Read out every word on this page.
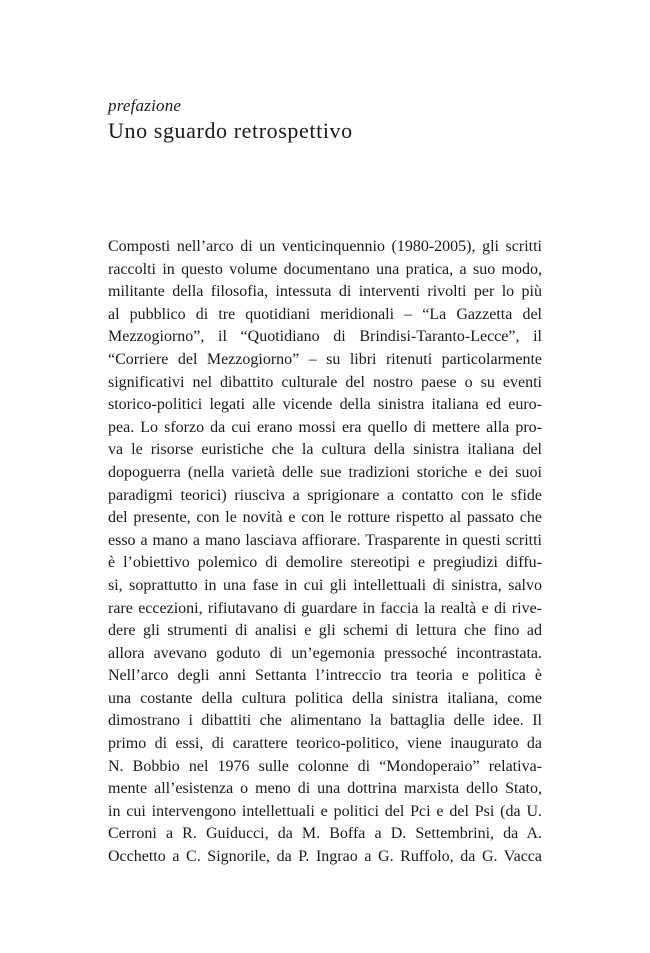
prefazione

Uno sguardo retrospettivo
Composti nell’arco di un venticinquennio (1980-2005), gli scritti
raccolti in questo volume documentano una pratica, a suo modo,
militante della filosofia, intessuta di interventi rivolti per lo più
al pubblico di tre quotidiani meridionali – “La Gazzetta del
Mezzogiorno”, il “Quotidiano di Brindisi-Taranto-Lecce”, il
“Corriere del Mezzogiorno” – su libri ritenuti particolarmente
significativi nel dibattito culturale del nostro paese o su eventi
storico-politici legati alle vicende della sinistra italiana ed euro-
pea. Lo sforzo da cui erano mossi era quello di mettere alla pro-
va le risorse euristiche che la cultura della sinistra italiana del
dopoguerra (nella varietà delle sue tradizioni storiche e dei suoi
paradigmi teorici) riusciva a sprigionare a contatto con le sfide
del presente, con le novità e con le rotture rispetto al passato che
esso a mano a mano lasciava affiorare. Trasparente in questi scritti
è l’obiettivo polemico di demolire stereotipi e pregiudizi diffu-
si, soprattutto in una fase in cui gli intellettuali di sinistra, salvo
rare eccezioni, rifiutavano di guardare in faccia la realtà e di rive-
dere gli strumenti di analisi e gli schemi di lettura che fino ad
allora avevano goduto di un’egemonia pressoché incontrastata.
Nell’arco degli anni Settanta l’intreccio tra teoria e politica è
una costante della cultura politica della sinistra italiana, come
dimostrano i dibattiti che alimentano la battaglia delle idee. Il
primo di essi, di carattere teorico-politico, viene inaugurato da
N. Bobbio nel 1976 sulle colonne di “Mondoperaio” relativa-
mente all’esistenza o meno di una dottrina marxista dello Stato,
in cui intervengono intellettuali e politici del Pci e del Psi (da U.
Cerroni a R. Guiducci, da M. Boffa a D. Settembrini, da A.
Occhetto a C. Signorile, da P. Ingrao a G. Ruffolo, da G. Vacca
